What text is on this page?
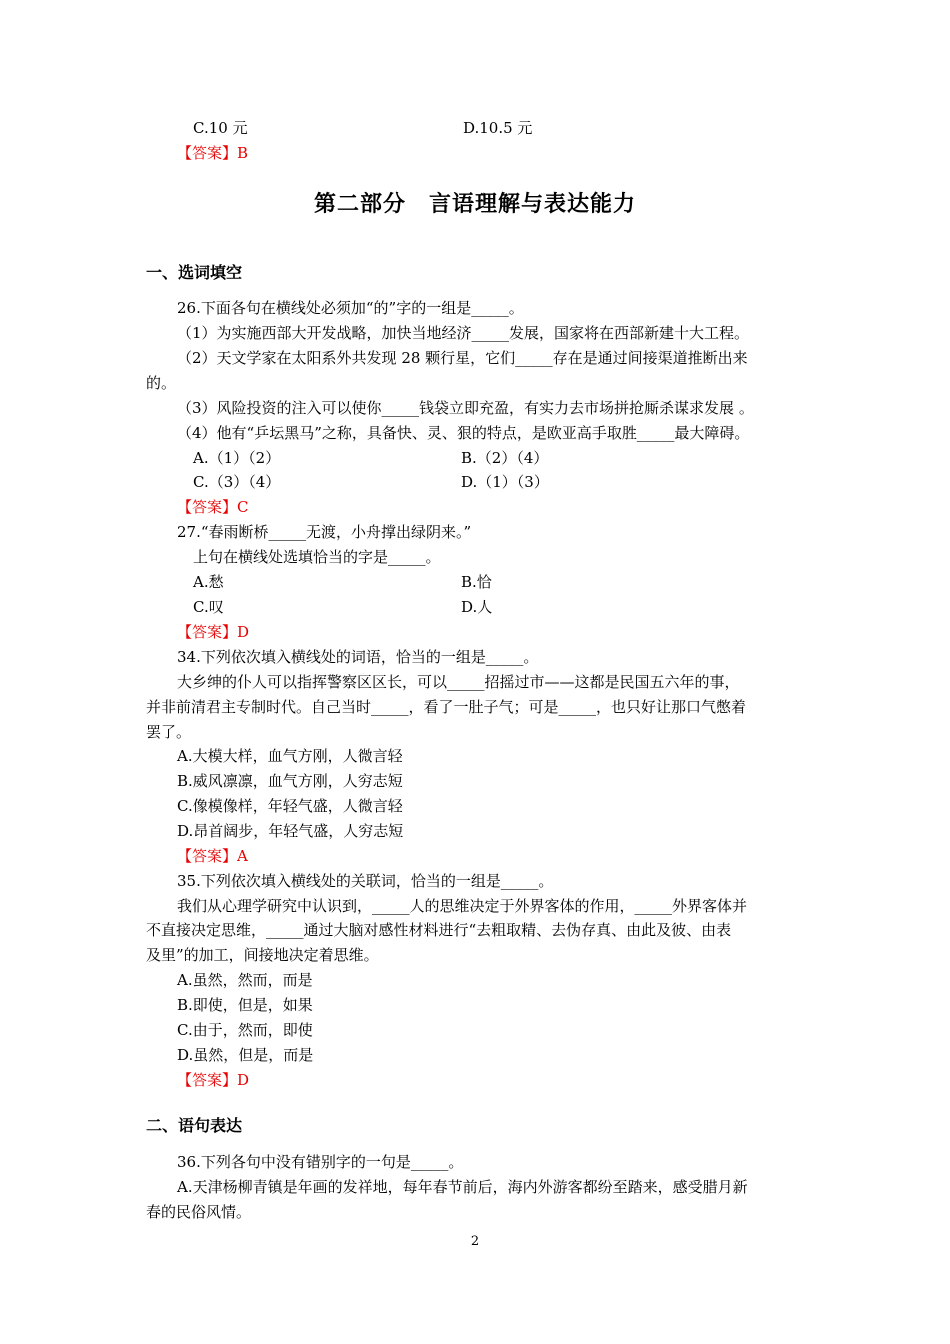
C.10 元	D.10.5 元
【答案】B
第二部分　言语理解与表达能力
一、选词填空
26.下面各句在横线处必须加“的”字的一组是_____。
（1）为实施西部大开发战略，加快当地经济_____发展，国家将在西部新建十大工程。
（2）天文学家在太阳系外共发现 28 颗行星，它们_____存在是通过间接渠道推断出来
的。
（3）风险投资的注入可以使你_____钱袋立即充盈，有实力去市场拼抢厮杀谋求发展 。
（4）他有“乒坛黑马”之称，具备快、灵、狠的特点，是欧亚高手取胜_____最大障碍。
A.（1）（2）	B.（2）（4）
C.（3）（4）	D.（1）（3）
【答案】C
27.“春雨断桥_____无渡，小舟撑出绿阴来。”
上句在横线处选填恰当的字是_____。
A.愁	B.恰
C.叹	D.人
【答案】D
34.下列依次填入横线处的词语，恰当的一组是_____。
大乡绅的仆人可以指挥警察区区长，可以_____招摇过市——这都是民国五六年的事，
并非前清君主专制时代。自己当时_____，看了一肚子气；可是_____，也只好让那口气憋着
罢了。
A.大模大样，血气方刚，人微言轻
B.威风凛凛，血气方刚，人穷志短
C.像模像样，年轻气盛，人微言轻
D.昂首阔步，年轻气盛，人穷志短
【答案】A
35.下列依次填入横线处的关联词，恰当的一组是_____。
我们从心理学研究中认识到，_____人的思维决定于外界客体的作用，_____外界客体并
不直接决定思维，_____通过大脑对感性材料进行“去粗取精、去伪存真、由此及彼、由表
及里”的加工，间接地决定着思维。
A.虽然，然而，而是
B.即使，但是，如果
C.由于，然而，即使
D.虽然，但是，而是
【答案】D
二、语句表达
36.下列各句中没有错别字的一句是_____。
A.天津杨柳青镇是年画的发祥地，每年春节前后，海内外游客都纷至踏来，感受腊月新
春的民俗风情。
2
